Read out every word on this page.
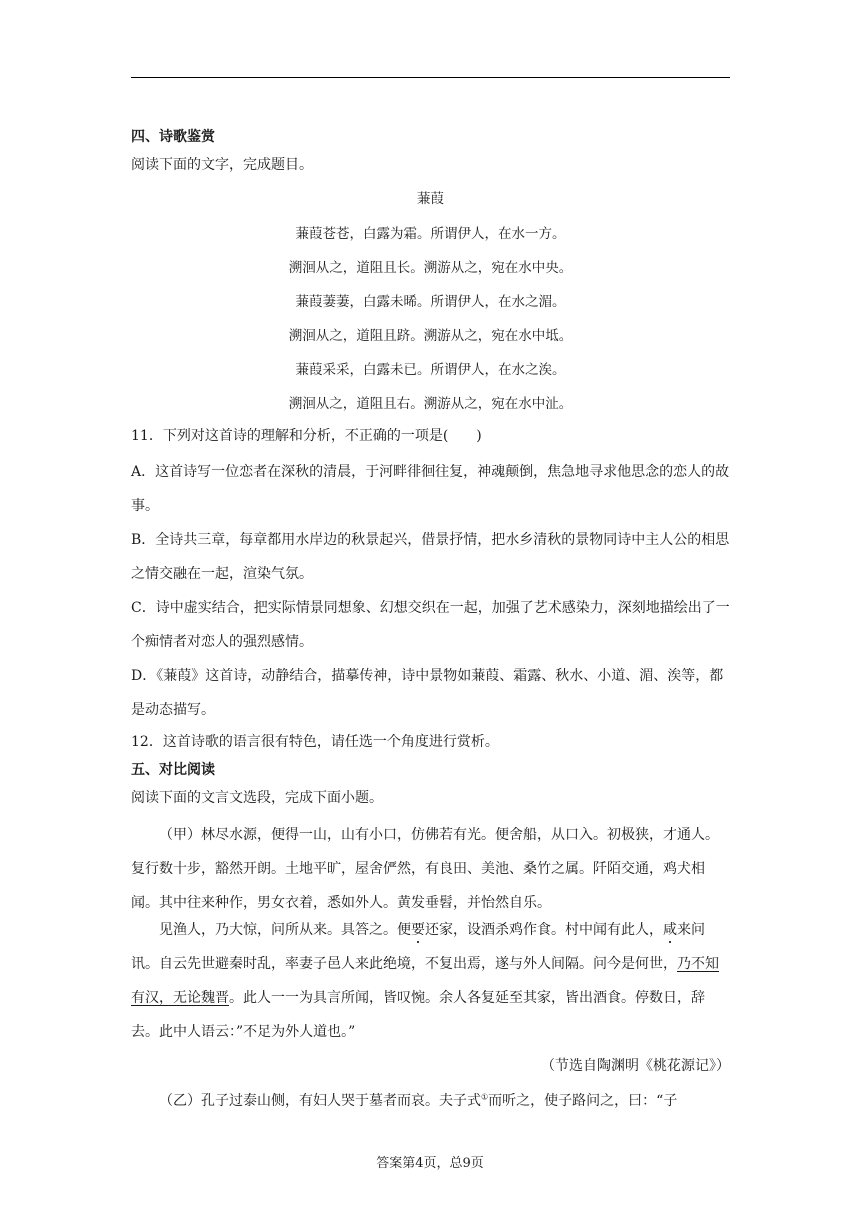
四、诗歌鉴赏
阅读下面的文字，完成题目。
蒹葭
蒹葭苍苍，白露为霜。所谓伊人，在水一方。
溯洄从之，道阻且长。溯游从之，宛在水中央。
蒹葭萋萋，白露未晞。所谓伊人，在水之湄。
溯洄从之，道阻且跻。溯游从之，宛在水中坻。
蒹葭采采，白露未已。所谓伊人，在水之涘。
溯洄从之，道阻且右。溯游从之，宛在水中沚。
11．下列对这首诗的理解和分析，不正确的一项是(　　)
A．这首诗写一位恋者在深秋的清晨，于河畔徘徊往复，神魂颠倒，焦急地寻求他思念的恋人的故事。
B．全诗共三章，每章都用水岸边的秋景起兴，借景抒情，把水乡清秋的景物同诗中主人公的相思之情交融在一起，渲染气氛。
C．诗中虚实结合，把实际情景同想象、幻想交织在一起，加强了艺术感染力，深刻地描绘出了一个痴情者对恋人的强烈感情。
D．《蒹葭》这首诗，动静结合，描摹传神，诗中景物如蒹葭、霜露、秋水、小道、湄、涘等，都是动态描写。
12．这首诗歌的语言很有特色，请任选一个角度进行赏析。
五、对比阅读
阅读下面的文言文选段，完成下面小题。
（甲）林尽水源，便得一山，山有小口，仿佛若有光。便舍船，从口入。初极狭，才通人。复行数十步，豁然开朗。土地平旷，屋舍俨然，有良田、美池、桑竹之属。阡陌交通，鸡犬相闻。其中往来种作，男女衣着，悉如外人。黄发垂髫，并怡然自乐。
见渔人，乃大惊，问所从来。具答之。便要还家，设酒杀鸡作食。村中闻有此人，咸来问讯。自云先世避秦时乱，率妻子邑人来此绝境，不复出焉，遂与外人间隔。问今是何世，乃不知有汉，无论魏晋。此人一一为具言所闻，皆叹惋。余人各复延至其家，皆出酒食。停数日，辞去。此中人语云：”不足为外人道也。”
（节选自陶渊明《桃花源记》）
（乙）孔子过泰山侧，有妇人哭于墓者而哀。夫子式①而听之，使子路问之，曰：“子
答案第4页，总9页
